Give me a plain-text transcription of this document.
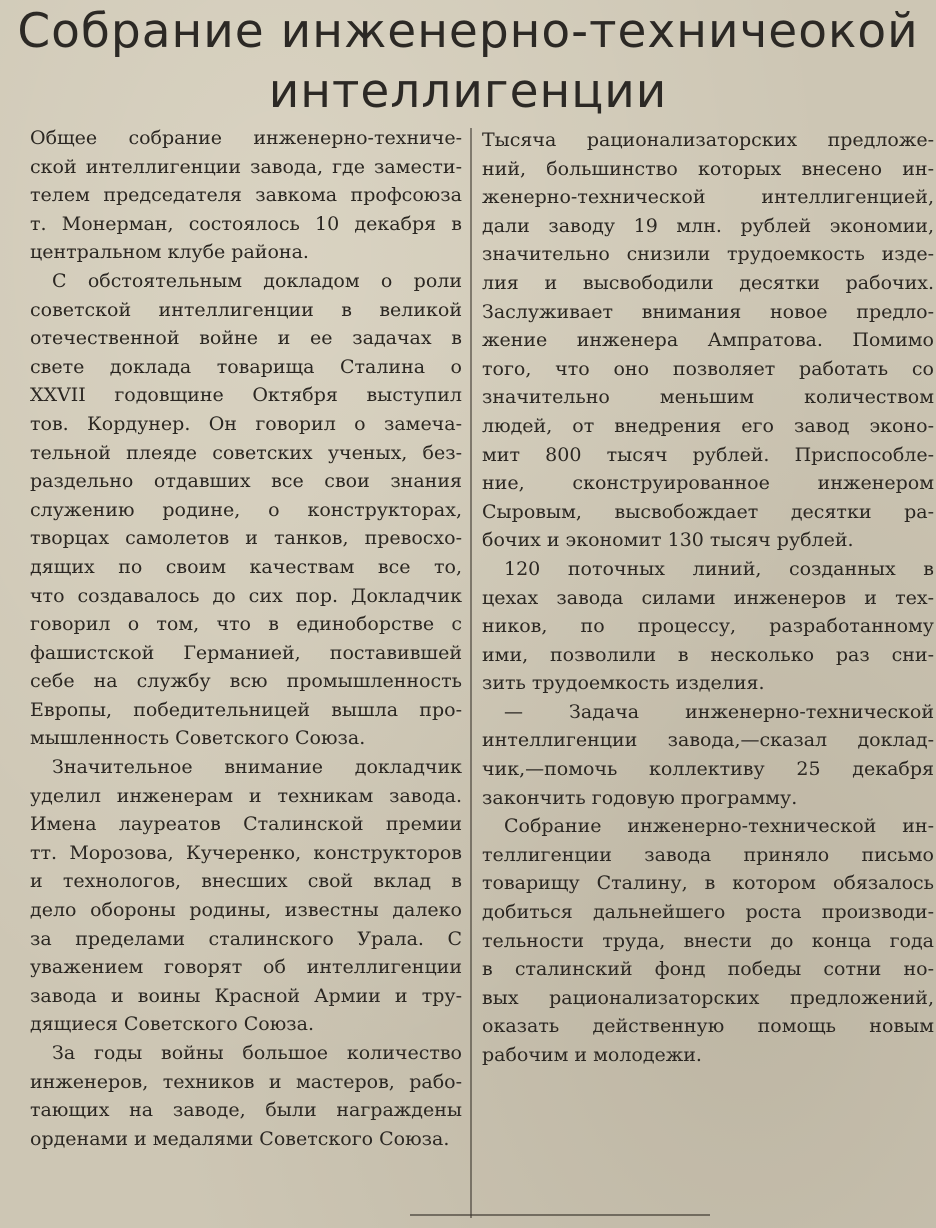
Собрание инженерно-техничеокой
интеллигенции
Общее собрание инженерно-техниче-
ской интеллигенции завода, где замести-
телем председателя завкома профсоюза
т. Монерман, состоялось 10 декабря в
центральном клубе района.
С обстоятельным докладом о роли
советской интеллигенции в великой
отечественной войне и ее задачах в
свете доклада товарища Сталина о
XXVII годовщине Октября выступил
тов. Кордунер. Он говорил о замеча-
тельной плеяде советских ученых, без-
раздельно отдавших все свои знания
служению родине, о конструкторах,
творцах самолетов и танков, превосхо-
дящих по своим качествам все то,
что создавалось до сих пор. Докладчик
говорил о том, что в единоборстве с
фашистской Германией, поставившей
себе на службу всю промышленность
Европы, победительницей вышла про-
мышленность Советского Союза.
Значительное внимание докладчик
уделил инженерам и техникам завода.
Имена лауреатов Сталинской премии
тт. Морозова, Кучеренко, конструкторов
и технологов, внесших свой вклад в
дело обороны родины, известны далеко
за пределами сталинского Урала. С
уважением говорят об интеллигенции
завода и воины Красной Армии и тру-
дящиеся Советского Союза.
За годы войны большое количество
инженеров, техников и мастеров, рабо-
тающих на заводе, были награждены
орденами и медалями Советского Союза.
Тысяча рационализаторских предложе-
ний, большинство которых внесено ин-
женерно-технической интеллигенцией,
дали заводу 19 млн. рублей экономии,
значительно снизили трудоемкость изде-
лия и высвободили десятки рабочих.
Заслуживает внимания новое предло-
жение инженера Ампратова. Помимо
того, что оно позволяет работать со
значительно меньшим количеством
людей, от внедрения его завод эконо-
мит 800 тысяч рублей. Приспособле-
ние, сконструированное инженером
Сыровым, высвобождает десятки ра-
бочих и экономит 130 тысяч рублей.
120 поточных линий, созданных в
цехах завода силами инженеров и тех-
ников, по процессу, разработанному
ими, позволили в несколько раз сни-
зить трудоемкость изделия.
— Задача инженерно-технической
интеллигенции завода,—сказал доклад-
чик,—помочь коллективу 25 декабря
закончить годовую программу.
Собрание инженерно-технической ин-
теллигенции завода приняло письмо
товарищу Сталину, в котором обязалось
добиться дальнейшего роста производи-
тельности труда, внести до конца года
в сталинский фонд победы сотни но-
вых рационализаторских предложений,
оказать действенную помощь новым
рабочим и молодежи.
